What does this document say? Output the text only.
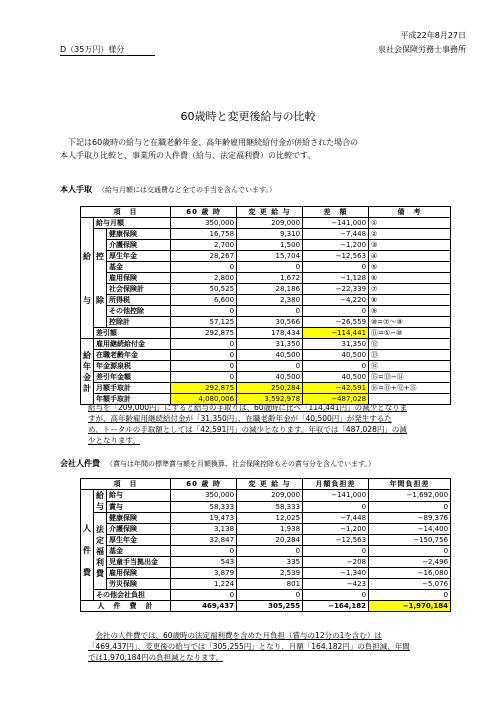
平成22年8月27日
泉社会保険労務士事務所
D（35万円）様分
60歳時と変更後給与の比較
下記は60歳時の給与と在職老齢年金、高年齢雇用継続給付金が併給された場合の
本人手取り比較と、事業所の人件費（給与、法定福利費）の比較です。
本人手取 （給与月額には交通費など全ての手当を含んでいます。）
項　目			60 歳 時	変 更 給 与	差　額	備　考
給

与	給与月額		350,000	209,000	−141,000	①
	控

除	健康保険	16,758	9,310	−7,448	②
		介護保険	2,700	1,500	−1,200	③
		厚生年金	28,267	15,704	−12,563	④
		基金	0	0	0	⑤
		雇用保険	2,800	1,672	−1,128	⑥
		社会保険計	50,525	28,186	−22,339	⑦
		所得税	6,600	2,380	−4,220	⑧
		その他控除	0	0	0	⑨
		控除計	57,125	30,566	−26,559	⑩=⑦～⑨
	差引額		292,875	178,434	−114,441	⑪=①−⑩
給
年
金
計	雇用継続給付金		0	31,350	31,350	⑫
	在職老齢年金		0	40,500	40,500	⑬
	年金源泉税		0	0	0	⑭
	差引年金額		0	40,500	40,500	⑮=⑬−⑭
	月額手取計		292,875	250,284	−42,591	⑯=⑪+⑫+⑮
	年額手取計		4,080,006	3,592,978	−487,028	
給与を「209,000円」にすると給与の手取りは、60歳時に比べ「114,441円」の減少となりま
すが、高年齢雇用継続給付金が「31,350円」、在職老齢年金が「40,500円」が発生するた
め、トータルの手取額としては「42,591円」の減少となります。年収では「487,028円」の減
少となります。
会社人件費 （賞与は年間の標準賞与額を月額換算、社会保険控除もその賞与分を含んでいます。）
項　目			60 歳 時	変 更 給 与	月額負担差	年間負担差

人

件

費	給
与	給与	350,000	209,000	−141,000	−1,692,000
		賞与	58,333	58,333	0	0
	法
定
福
利
費	健康保険	19,473	12,025	−7,448	−89,376
		介護保険	3,138	1,938	−1,200	−14,400
		厚生年金	32,847	20,284	−12,563	−150,756
		基金	0	0	0	0
		児童手当拠出金	543	335	−208	−2,496
		雇用保険	3,879	2,539	−1,340	−16,080
		労災保険	1,224	801	−423	−5,076
	その他会社負担		0	0	0	0
人　件　費　計			469,437	305,255	−164,182	−1,970,184
会社の人件費では、60歳時の法定福利費を含めた月負担（賞与の12分の1を含む）は
「469,437円」、変更後の給与では「305,255円」となり、月額「164,182円」の負担減、年間
では1,970,184円の負担減となります。
